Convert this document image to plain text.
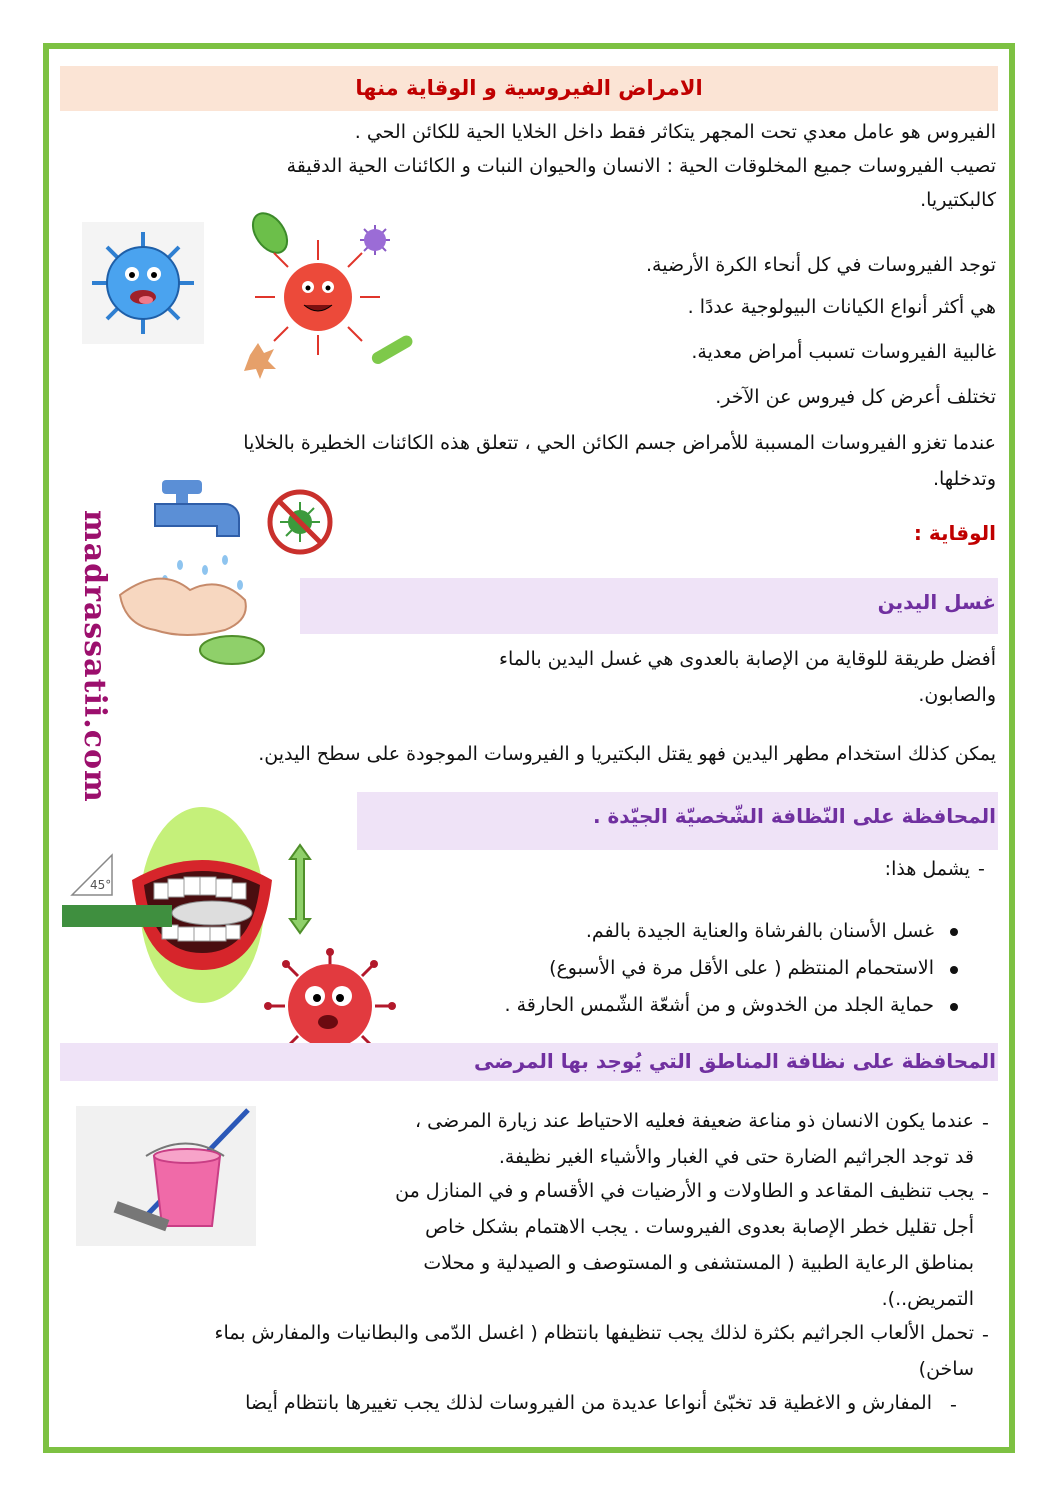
الامراض الفيروسية و الوقاية منها
الفيروس هو عامل معدي تحت المجهر يتكاثر فقط داخل الخلايا الحية للكائن الحي .
تصيب الفيروسات جميع المخلوقات الحية : الانسان والحيوان النبات و الكائنات الحية الدقيقة
كالبكتيريا.
توجد الفيروسات في كل أنحاء الكرة الأرضية.
هي أكثر أنواع الكيانات البيولوجية عددًا .
غالبية الفيروسات تسبب أمراض معدية.
تختلف أعرض كل فيروس عن الآخر.
عندما تغزو الفيروسات المسببة للأمراض جسم الكائن الحي ، تتعلق هذه الكائنات الخطيرة بالخلايا
وتدخلها.
madrassatii.com	الوقاية :
غسل اليدين
أفضل طريقة للوقاية من الإصابة بالعدوى هي غسل اليدين بالماء
والصابون.
يمكن كذلك استخدام مطهر اليدين فهو يقتل البكتيريا و الفيروسات الموجودة على سطح اليدين.
المحافظة على النّظافة الشّخصيّة الجيّدة .
45°
-
يشمل هذا:
غسل الأسنان بالفرشاة والعناية الجيدة بالفم.
الاستحمام المنتظم ( على الأقل مرة في الأسبوع)
حماية الجلد من الخدوش و من أشعّة الشّمس الحارقة .
المحافظة على نظافة المناطق التي يُوجد بها المرضى
-
عندما يكون الانسان ذو مناعة ضعيفة فعليه الاحتياط عند زيارة المرضى ،
قد توجد الجراثيم الضارة حتى في الغبار والأشياء الغير نظيفة.
-
يجب تنظيف المقاعد و الطاولات و الأرضيات في الأقسام و في المنازل من
أجل تقليل خطر الإصابة بعدوى الفيروسات . يجب الاهتمام بشكل خاص
بمناطق الرعاية الطبية ( المستشفى و المستوصف و الصيدلية و محلات
التمريض..).
-
تحمل الألعاب الجراثيم بكثرة لذلك يجب تنظيفها بانتظام ( اغسل الدّمى والبطانيات والمفارش بماء
ساخن)
-
المفارش و الاغطية قد تخبّئ أنواعا عديدة من الفيروسات لذلك يجب تغييرها بانتظام أيضا
